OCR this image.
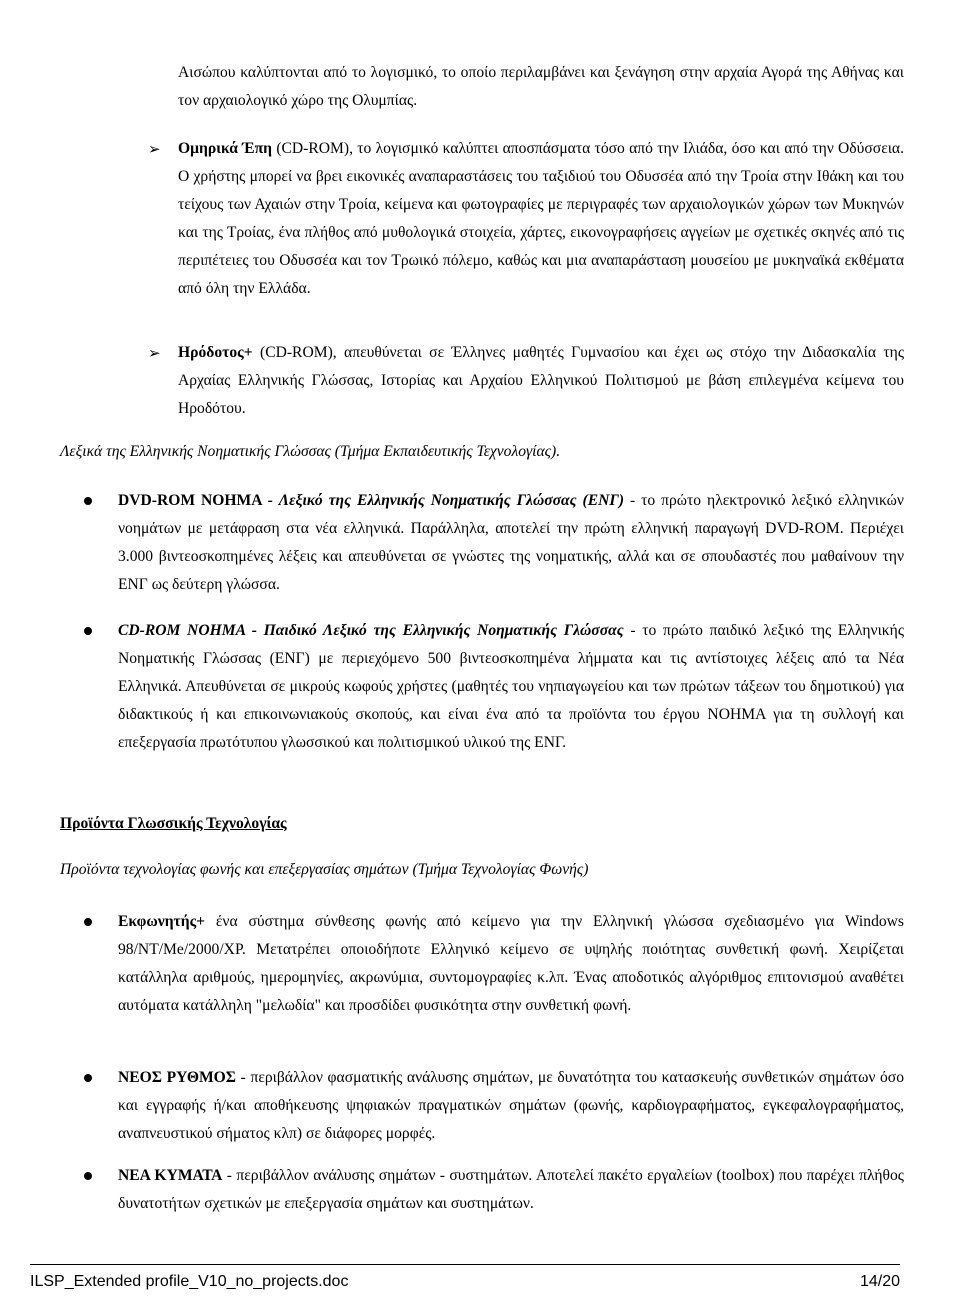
Αισώπου καλύπτονται από το λογισμικό, το οποίο περιλαμβάνει και ξενάγηση στην αρχαία Αγορά της Αθήνας και τον αρχαιολογικό χώρο της Ολυμπίας.

➢ Ομηρικά Έπη (CD-ROM), το λογισμικό καλύπτει αποσπάσματα τόσο από την Ιλιάδα, όσο και από την Οδύσσεια. Ο χρήστης μπορεί να βρει εικονικές αναπαραστάσεις του ταξιδιού του Οδυσσέα από την Τροία στην Ιθάκη και του τείχους των Αχαιών στην Τροία, κείμενα και φωτογραφίες με περιγραφές των αρχαιολογικών χώρων των Μυκηνών και της Τροίας, ένα πλήθος από μυθολογικά στοιχεία, χάρτες, εικονογραφήσεις αγγείων με σχετικές σκηνές από τις περιπέτειες του Οδυσσέα και τον Τρωικό πόλεμο, καθώς και μια αναπαράσταση μουσείου με μυκηναϊκά εκθέματα από όλη την Ελλάδα.

➢ Ηρόδοτος+ (CD-ROM), απευθύνεται σε Έλληνες μαθητές Γυμνασίου και έχει ως στόχο την Διδασκαλία της Αρχαίας Ελληνικής Γλώσσας, Ιστορίας και Αρχαίου Ελληνικού Πολιτισμού με βάση επιλεγμένα κείμενα του Ηροδότου.

Λεξικά της Ελληνικής Νοηματικής Γλώσσας (Τμήμα Εκπαιδευτικής Τεχνολογίας).

DVD-ROM ΝΟΗΜΑ - Λεξικό της Ελληνικής Νοηματικής Γλώσσας (ΕΝΓ) - το πρώτο ηλεκτρονικό λεξικό ελληνικών νοημάτων με μετάφραση στα νέα ελληνικά. Παράλληλα, αποτελεί την πρώτη ελληνική παραγωγή DVD-ROM. Περιέχει 3.000 βιντεοσκοπημένες λέξεις και απευθύνεται σε γνώστες της νοηματικής, αλλά και σε σπουδαστές που μαθαίνουν την ΕΝΓ ως δεύτερη γλώσσα.

CD-ROM ΝΟΗΜΑ - Παιδικό Λεξικό της Ελληνικής Νοηματικής Γλώσσας - το πρώτο παιδικό λεξικό της Ελληνικής Νοηματικής Γλώσσας (ΕΝΓ) με περιεχόμενο 500 βιντεοσκοπημένα λήμματα και τις αντίστοιχες λέξεις από τα Νέα Ελληνικά. Απευθύνεται σε μικρούς κωφούς χρήστες (μαθητές του νηπιαγωγείου και των πρώτων τάξεων του δημοτικού) για διδακτικούς ή και επικοινωνιακούς σκοπούς, και είναι ένα από τα προϊόντα του έργου ΝΟΗΜΑ για τη συλλογή και επεξεργασία πρωτότυπου γλωσσικού και πολιτισμικού υλικού της ΕΝΓ.

Προϊόντα Γλωσσικής Τεχνολογίας

Προϊόντα τεχνολογίας φωνής και επεξεργασίας σημάτων (Τμήμα Τεχνολογίας Φωνής)

Εκφωνητής+ ένα σύστημα σύνθεσης φωνής από κείμενο για την Ελληνική γλώσσα σχεδιασμένο για Windows 98/NT/Me/2000/XP. Μετατρέπει οποιοδήποτε Ελληνικό κείμενο σε υψηλής ποιότητας συνθετική φωνή. Χειρίζεται κατάλληλα αριθμούς, ημερομηνίες, ακρωνύμια, συντομογραφίες κ.λπ. Ένας αποδοτικός αλγόριθμος επιτονισμού αναθέτει αυτόματα κατάλληλη "μελωδία" και προσδίδει φυσικότητα στην συνθετική φωνή.

ΝΕΟΣ ΡΥΘΜΟΣ - περιβάλλον φασματικής ανάλυσης σημάτων, με δυνατότητα του κατασκευής συνθετικών σημάτων όσο και εγγραφής ή/και αποθήκευσης ψηφιακών πραγματικών σημάτων (φωνής, καρδιογραφήματος, εγκεφαλογραφήματος, αναπνευστικού σήματος κλπ) σε διάφορες μορφές.

ΝΕΑ ΚΥΜΑΤΑ - περιβάλλον ανάλυσης σημάτων - συστημάτων. Αποτελεί πακέτο εργαλείων (toolbox) που παρέχει πλήθος δυνατοτήτων σχετικών με επεξεργασία σημάτων και συστημάτων.

ILSP_Extended profile_V10_no_projects.doc	14/20
